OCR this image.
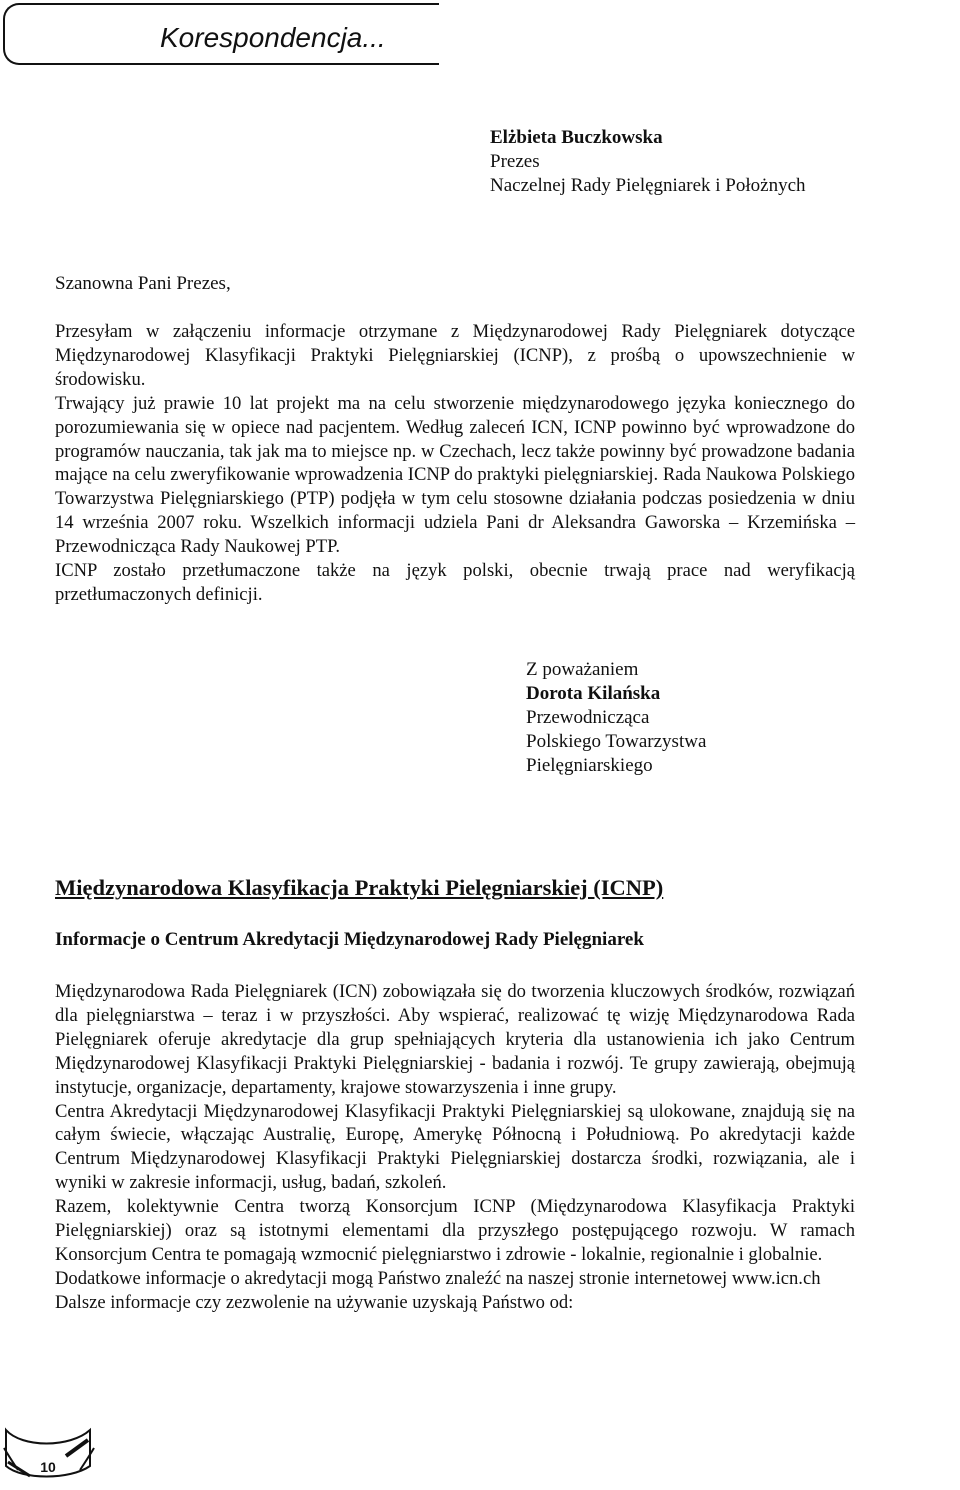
Korespondencja...
Elżbieta Buczkowska
Prezes
Naczelnej Rady Pielęgniarek i Położnych
Szanowna Pani Prezes,

Przesyłam w załączeniu informacje otrzymane z Międzynarodowej Rady Pielęgniarek dotyczące Międzynarodowej Klasyfikacji Praktyki Pielęgniarskiej (ICNP), z prośbą o upowszechnienie w środowisku.

Trwający już prawie 10 lat projekt ma na celu stworzenie międzynarodowego języka koniecznego do porozumiewania się w opiece nad pacjentem. Według zaleceń ICN, ICNP powinno być wprowadzone do programów nauczania, tak jak ma to miejsce np. w Czechach, lecz także powinny być prowadzone badania mające na celu zweryfikowanie wprowadzenia ICNP do praktyki pielęgniarskiej. Rada Naukowa Polskiego Towarzystwa Pielęgniarskiego (PTP) podjęła w tym celu stosowne działania podczas posiedzenia w dniu 14 września 2007 roku. Wszelkich informacji udziela Pani dr Aleksandra Gaworska – Krzemińska – Przewodnicząca Rady Naukowej PTP.

ICNP zostało przetłumaczone także na język polski, obecnie trwają prace nad weryfikacją przetłumaczonych definicji.

Z poważaniem
Dorota Kilańska
Przewodnicząca
Polskiego Towarzystwa
Pielęgniarskiego
Międzynarodowa Klasyfikacja Praktyki Pielęgniarskiej (ICNP)
Informacje o Centrum Akredytacji Międzynarodowej Rady Pielęgniarek

Międzynarodowa Rada Pielęgniarek (ICN) zobowiązała się do tworzenia kluczowych środków, rozwiązań dla pielęgniarstwa – teraz i w przyszłości. Aby wspierać, realizować tę wizję Międzynarodowa Rada Pielęgniarek oferuje akredytacje dla grup spełniających kryteria dla ustanowienia ich jako Centrum Międzynarodowej Klasyfikacji Praktyki Pielęgniarskiej - badania i rozwój. Te grupy zawierają, obejmują instytucje, organizacje, departamenty, krajowe stowarzyszenia i inne grupy.

Centra Akredytacji Międzynarodowej Klasyfikacji Praktyki Pielęgniarskiej są ulokowane, znajdują się na całym świecie, włączając Australię, Europę, Amerykę Północną i Południową. Po akredytacji każde Centrum Międzynarodowej Klasyfikacji Praktyki Pielęgniarskiej dostarcza środki, rozwiązania, ale i wyniki w zakresie informacji, usług, badań, szkoleń.

Razem, kolektywnie Centra tworzą Konsorcjum ICNP (Międzynarodowa Klasyfikacja Praktyki Pielęgniarskiej) oraz są istotnymi elementami dla przyszłego postępującego rozwoju. W ramach Konsorcjum Centra te pomagają wzmocnić pielęgniarstwo i zdrowie - lokalnie, regionalnie i globalnie.

Dodatkowe informacje o akredytacji mogą Państwo znaleźć na naszej stronie internetowej www.icn.ch

Dalsze informacje czy zezwolenie na używanie uzyskają Państwo od:

10
